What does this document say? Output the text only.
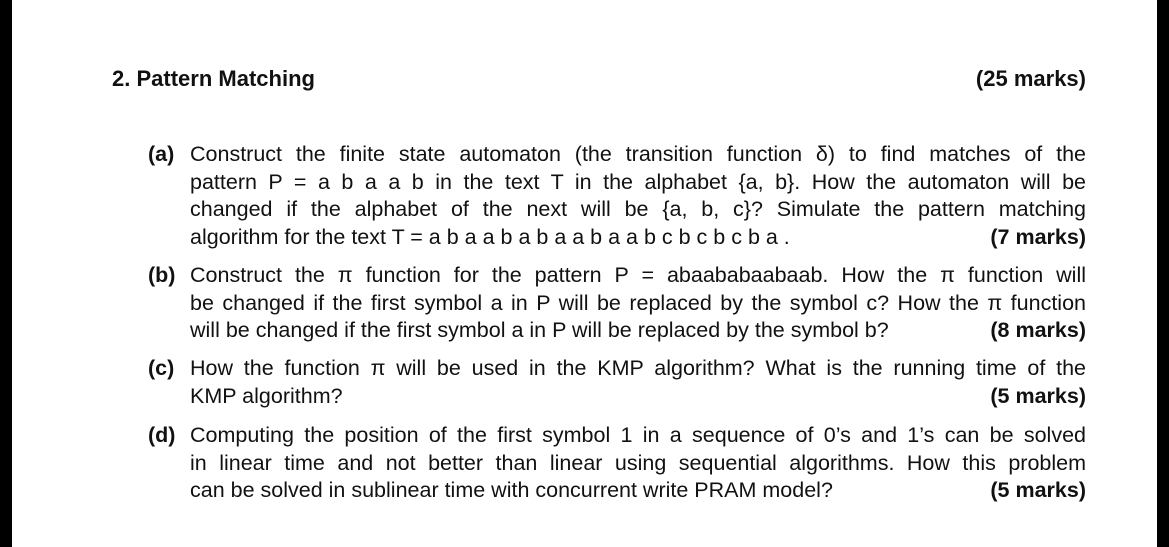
2. Pattern Matching	(25 marks)
(a) Construct the finite state automaton (the transition function δ) to find matches of the
pattern P = a b a a b in the text T in the alphabet {a, b}. How the automaton will be
changed if the alphabet of the next will be {a, b, c}? Simulate the pattern matching
algorithm for the text T = a b a a b a b a a b a a b c b c b c b a .	(7 marks)
(b) Construct the π function for the pattern P = abaababaabaab. How the π function will
be changed if the first symbol a in P will be replaced by the symbol c? How the π function
will be changed if the first symbol a in P will be replaced by the symbol b?	(8 marks)
(c) How the function π will be used in the KMP algorithm? What is the running time of the
KMP algorithm?	(5 marks)
(d) Computing the position of the first symbol 1 in a sequence of 0’s and 1’s can be solved
in linear time and not better than linear using sequential algorithms. How this problem
can be solved in sublinear time with concurrent write PRAM model?	(5 marks)
